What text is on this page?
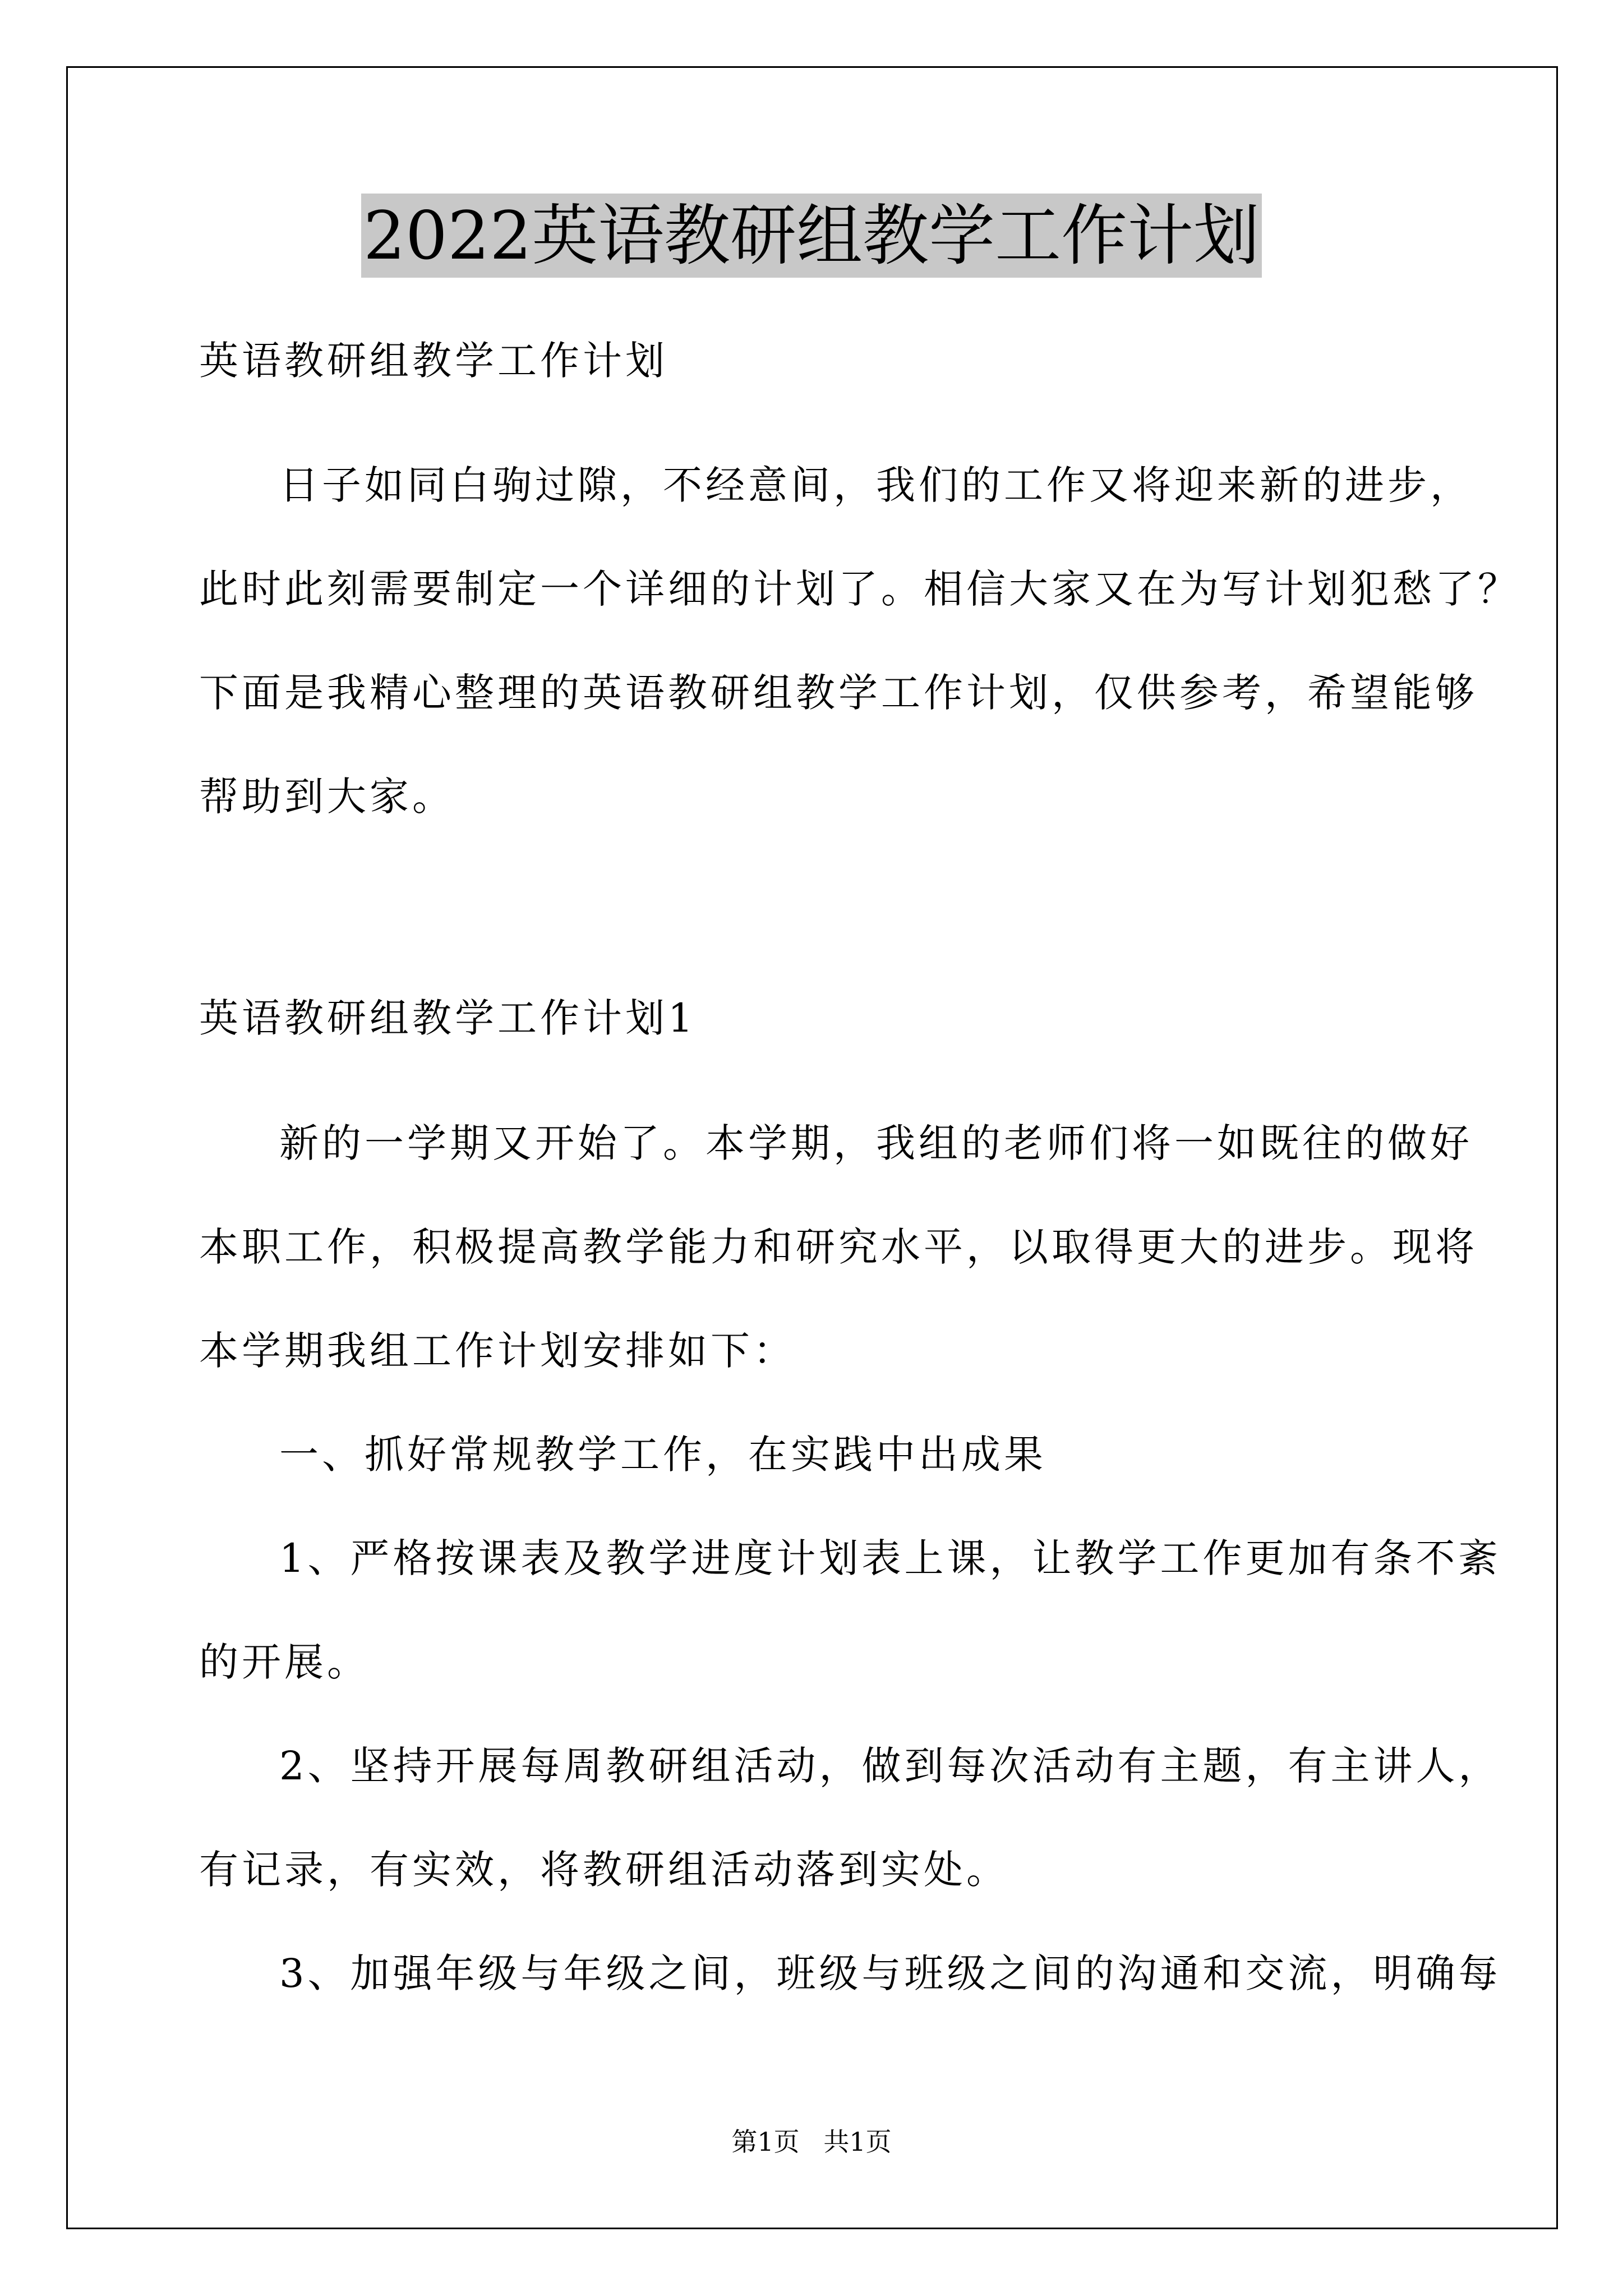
2022英语教研组教学工作计划
英语教研组教学工作计划
日子如同白驹过隙，不经意间，我们的工作又将迎来新的进步，
此时此刻需要制定一个详细的计划了。相信大家又在为写计划犯愁了？
下面是我精心整理的英语教研组教学工作计划，仅供参考，希望能够
帮助到大家。
英语教研组教学工作计划1
新的一学期又开始了。本学期，我组的老师们将一如既往的做好
本职工作，积极提高教学能力和研究水平，以取得更大的进步。现将
本学期我组工作计划安排如下：
一、抓好常规教学工作，在实践中出成果
1、严格按课表及教学进度计划表上课，让教学工作更加有条不紊
的开展。
2、坚持开展每周教研组活动，做到每次活动有主题，有主讲人，
有记录，有实效，将教研组活动落到实处。
3、加强年级与年级之间，班级与班级之间的沟通和交流，明确每
第1页 共1页
